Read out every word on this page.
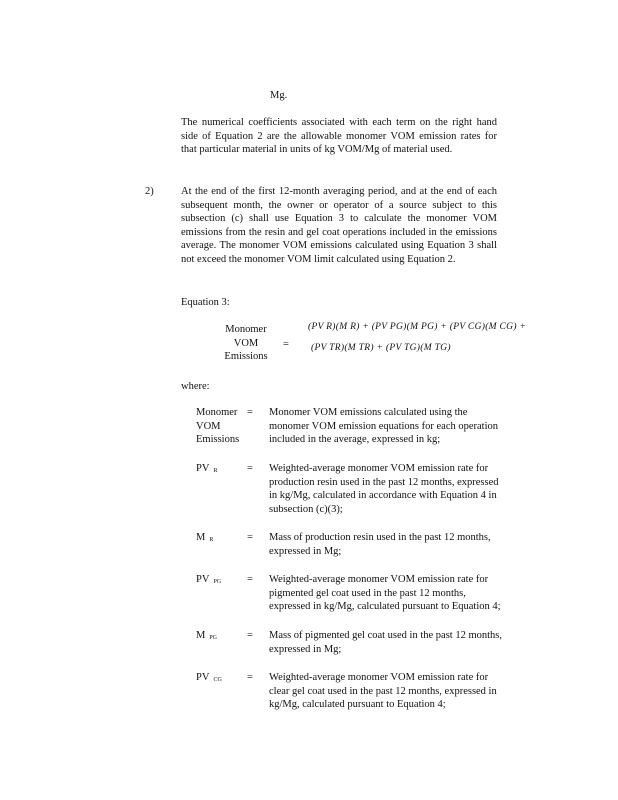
Mg.
The numerical coefficients associated with each term on the right hand side of Equation 2 are the allowable monomer VOM emission rates for that particular material in units of kg VOM/Mg of material used.
2)	At the end of the first 12-month averaging period, and at the end of each subsequent month, the owner or operator of a source subject to this subsection (c) shall use Equation 3 to calculate the monomer VOM emissions from the resin and gel coat operations included in the emissions average. The monomer VOM emissions calculated using Equation 3 shall not exceed the monomer VOM limit calculated using Equation 2.
Equation 3:
Monomer
VOM
Emissions
=
(PV R)(M R) + (PV PG)(M PG) + (PV CG)(M CG) +
(PV TR)(M TR) + (PV TG)(M TG)
where:
Monomer
VOM
Emissions
=	Monomer VOM emissions calculated using the
monomer VOM emission equations for each operation
included in the average, expressed in kg;
PV R	=	Weighted-average monomer VOM emission rate for
production resin used in the past 12 months, expressed
in kg/Mg, calculated in accordance with Equation 4 in
subsection (c)(3);
M R	=	Mass of production resin used in the past 12 months,
expressed in Mg;
PV PG	=	Weighted-average monomer VOM emission rate for
pigmented gel coat used in the past 12 months,
expressed in kg/Mg, calculated pursuant to Equation 4;
MPG	=	Mass of pigmented gel coat used in the past 12 months,
expressed in Mg;
PV CG	=	Weighted-average monomer VOM emission rate for
clear gel coat used in the past 12 months, expressed in
kg/Mg, calculated pursuant to Equation 4;
